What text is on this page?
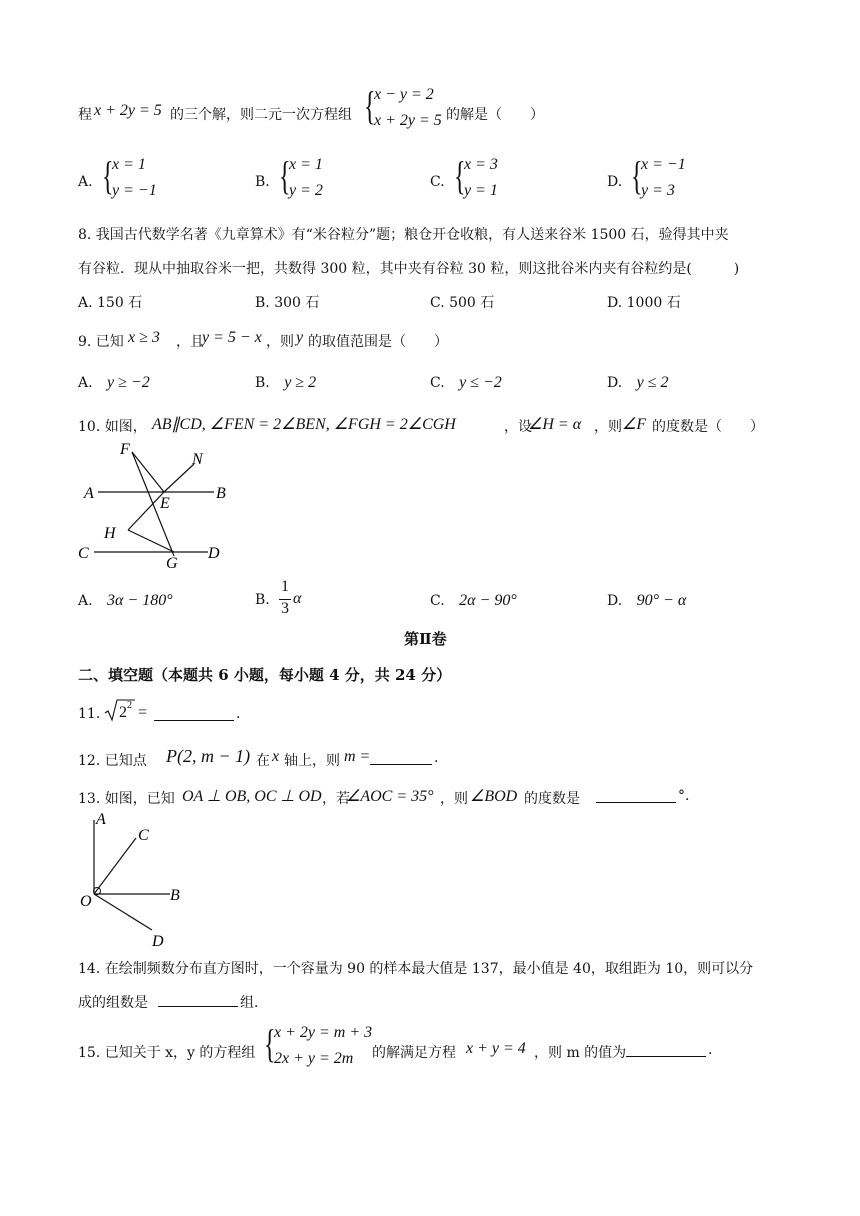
程 x + 2y = 5 的三个解，则二元一次方程组 {
x − y = 2
x + 2y = 5 的解是（　　）
A. {
x = 1
y = −1	B. {
x = 1
y = 2	C. {
x = 3
y = 1	D. {
x = −1
y = 3
8. 我国古代数学名著《九章算术》有“米谷粒分”题；粮仓开仓收粮，有人送来谷米 1500 石，验得其中夹
有谷粒．现从中抽取谷米一把，共数得 300 粒，其中夹有谷粒 30 粒，则这批谷米内夹有谷粒约是(　　　)
A. 150 石	B. 300 石	C. 500 石	D. 1000 石
9. 已知 x ≥ 3 ，且
y = 5 − x ，则 y 的取值范围是（　　）
A. y ≥ −2	B. y ≥ 2	C. y ≤ −2	D. y ≤ 2
10. 如图， AB∥CD, ∠FEN = 2∠BEN, ∠FGH = 2∠CGH	，设
∠H = α ，则 ∠F 的度数是（　　）
F
N
A
E
B
H
C
G
D
A. 3α − 180°	B.
1
3
α	C. 2α − 90°	D. 90° − α
第Ⅱ卷
二、填空题（本题共 6 小题，每小题 4 分，共 24 分）
11. 2 2 =	.
12. 已知点 P(2, m − 1) 在 x 轴上，则 m =	.
13. 如图，已知 OA ⊥ OB, OC ⊥ OD ，若
∠AOC = 35° ，则 ∠BOD 的度数是	°.
A
C
O	B
D
14. 在绘制频数分布直方图时，一个容量为 90 的样本最大值是 137，最小值是 40，取组距为 10，则可以分
成的组数是	组．
15. 已知关于 x，y 的方程组 {
x + 2y = m + 3
2x + y = 2m 的解满足方程 x + y = 4 ，则 m 的值为	.
